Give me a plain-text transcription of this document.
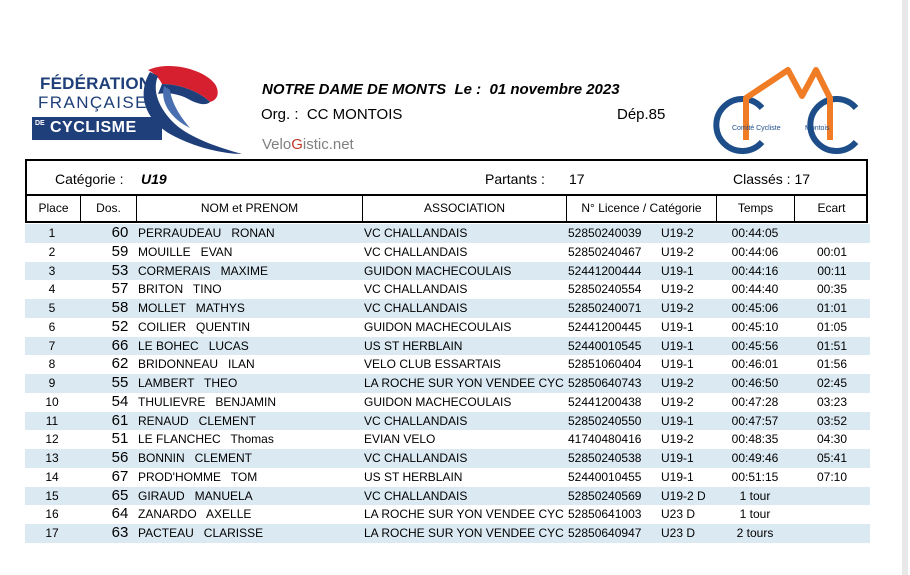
FÉDÉRATION
FRANÇAISE
DE CYCLISME
NOTRE DAME DE MONTS  Le :  01 novembre 2023
Org. :  CC MONTOIS	Dép.85
VeloGistic.net
Comité Cycliste	Montois
Catégorie : U19	Partants : 17	Classés : 17
Place	Dos.	NOM et PRENOM	ASSOCIATION	N° Licence / Catégorie	Temps	Ecart
1	60 PERRAUDEAU   RONAN	VC CHALLANDAIS	52850240039	U19-2	00:44:05
2	59 MOUILLE   EVAN	VC CHALLANDAIS	52850240467	U19-2	00:44:06	00:01
3	53 CORMERAIS   MAXIME	GUIDON MACHECOULAIS	52441200444	U19-1	00:44:16	00:11
4	57 BRITON   TINO	VC CHALLANDAIS	52850240554	U19-2	00:44:40	00:35
5	58 MOLLET   MATHYS	VC CHALLANDAIS	52850240071	U19-2	00:45:06	01:01
6	52 COILIER   QUENTIN	GUIDON MACHECOULAIS	52441200445	U19-1	00:45:10	01:05
7	66 LE BOHEC   LUCAS	US ST HERBLAIN	52440010545	U19-1	00:45:56	01:51
8	62 BRIDONNEAU   ILAN	VELO CLUB ESSARTAIS	52851060404	U19-1	00:46:01	01:56
9	55 LAMBERT   THEO	LA ROCHE SUR YON VENDEE CYC 52850640743	U19-2	00:46:50	02:45
10	54 THULIEVRE   BENJAMIN	GUIDON MACHECOULAIS	52441200438	U19-2	00:47:28	03:23
11	61 RENAUD   CLEMENT	VC CHALLANDAIS	52850240550	U19-1	00:47:57	03:52
12	51 LE FLANCHEC   Thomas	EVIAN VELO	41740480416	U19-2	00:48:35	04:30
13	56 BONNIN   CLEMENT	VC CHALLANDAIS	52850240538	U19-1	00:49:46	05:41
14	67 PROD'HOMME   TOM	US ST HERBLAIN	52440010455	U19-1	00:51:15	07:10
15	65 GIRAUD   MANUELA	VC CHALLANDAIS	52850240569	U19-2 D	1 tour
16	64 ZANARDO   AXELLE	LA ROCHE SUR YON VENDEE CYC 52850641003	U23 D	1 tour
17	63 PACTEAU   CLARISSE	LA ROCHE SUR YON VENDEE CYC 52850640947	U23 D	2 tours
